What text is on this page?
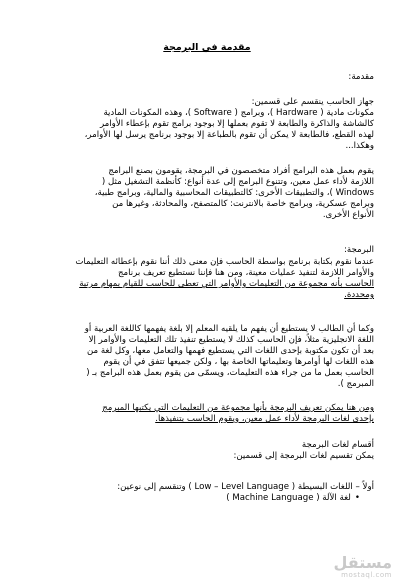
مقدمة في البرمجة

مقدمة:

جهاز الحاسب ينقسم على قسمين:

مكونات مادية ( Hardware )، وبرامج ( Software )، وهذه المكونات المادية

كالشاشة والذاكرة والطابعة لا تقوم بعملها إلا بوجود برامج تقوم بإعطاء الأوامر

لهذه القطع، فالطابعة لا يمكن أن تقوم بالطباعة إلا بوجود برنامج يرسل لها الأوامر،

وهكذا...

يقوم بعمل هذه البرامج أفراد متخصصون في البرمجة، يقومون بصنع البرامج

اللازمة لأداء عمل معين، وتتنوع البرامج إلى عدة أنواع: كأنظمة التشغيل مثل (

Windows )، والتطبيقات الأخرى: كالتطبيقات المحاسبية والمالية، وبرامج طبية،

وبرامج عسكرية، وبرامج خاصة بالانترنت: كالمتصفح، والمحادثة، وغيرها من

الأنواع الأخرى.

البرمجة:

عندما نقوم بكتابة برنامج بواسطة الحاسب فإن معنى ذلك أننا نقوم بإعطائه التعليمات

والأوامر اللازمة لتنفيذ عمليات معينة، ومن هنا فإننا نستطيع تعريف برنامج

الحاسب بأنه مجموعة من التعليمات والأوامر التي تعطى للحاسب للقيام بمهام مرتبة

ومحددة.

وكما أن الطالب لا يستطيع أن يفهم ما يلقيه المعلم إلا بلغة يفهمها كاللغة العربية أو

اللغة الانجليزية مثلاً، فإن الحاسب كذلك لا يستطيع تنفيذ تلك التعليمات والأوامر إلا

بعد أن تكون مكتوبة بإحدى اللغات التي يستطيع فهمها والتعامل معها، وكل لغة من

هذه اللغات لها أوامرها وتعليماتها الخاصة بها ، ولكن جميعها تتفق في أن يقوم

الحاسب بعمل ما من جراء هذه التعليمات، ويسمّى من يقوم بعمل هذه البرامج بـ (

المبرمج ).

ومن هنا يمكن تعريف البرمجة بأنها مجموعة من التعليمات التي يكتبها المبرمج

بإحدى لغات البرمجة لأداء عمل معين، ويقوم الحاسب بتنفيذها.

أقسام لغات البرمجة

يمكن تقسيم لغات البرمجة إلى قسمين:

أولاً – اللغات البسيطة ( Low – Level Language ) وتنقسم إلى نوعين:

•لغة الآلة ( Machine Language )

مستقل
mostaql.com
